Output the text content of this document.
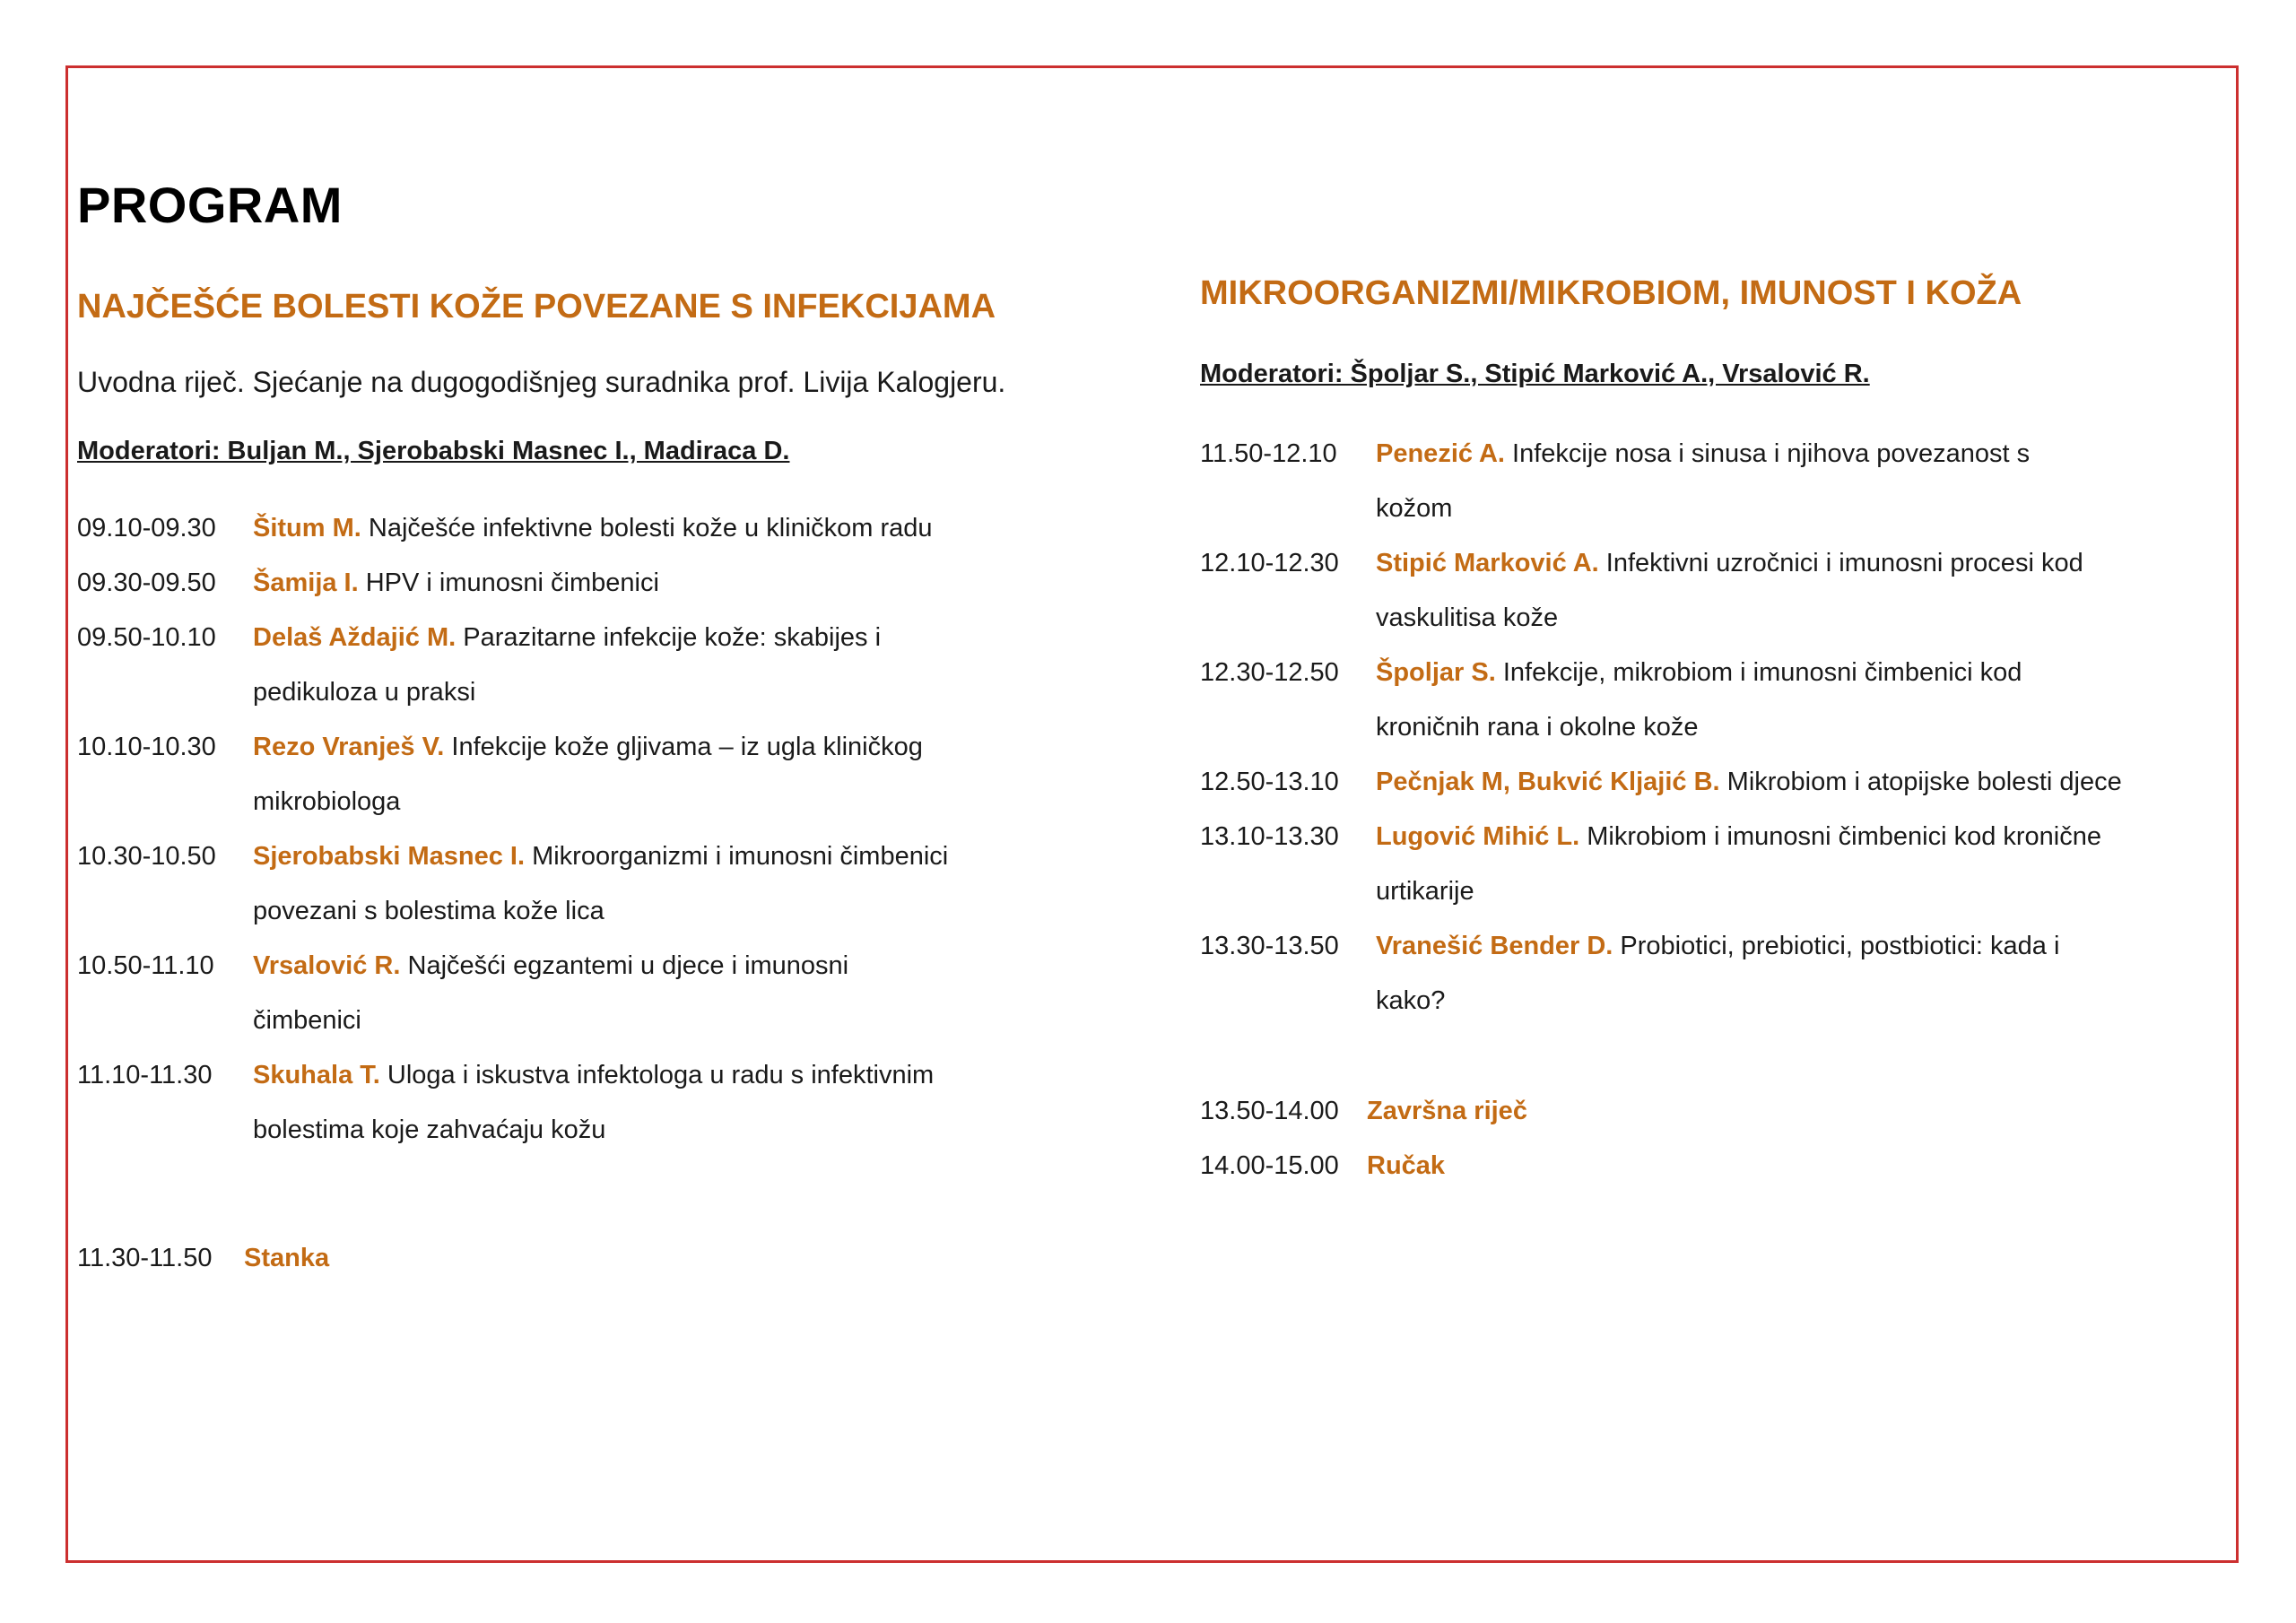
PROGRAM
NAJČEŠĆE BOLESTI KOŽE POVEZANE S INFEKCIJAMA

Uvodna riječ. Sjećanje na dugogodišnjeg suradnika prof. Livija Kalogjeru.

Moderatori: Buljan M., Sjerobabski Masnec I., Madiraca D.

09.10-09.30	Šitum M. Najčešće infektivne bolesti kože u kliničkom radu
09.30-09.50	Šamija I. HPV i imunosni čimbenici
09.50-10.10	Delaš Aždajić M. Parazitarne infekcije kože: skabijes i pedikuloza u praksi
10.10-10.30	Rezo Vranješ V. Infekcije kože gljivama – iz ugla kliničkog mikrobiologa
10.30-10.50	Sjerobabski Masnec I. Mikroorganizmi i imunosni čimbenici povezani s bolestima kože lica
10.50-11.10	Vrsalović R. Najčešći egzantemi u djece i imunosni čimbenici
11.10-11.30	Skuhala T. Uloga i iskustva infektologa u radu s infektivnim bolestima koje zahvaćaju kožu
11.30-11.50	Stanka
MIKROORGANIZMI/MIKROBIOM, IMUNOST I KOŽA

Moderatori: Špoljar S., Stipić Marković A., Vrsalović R.

11.50-12.10	Penezić A. Infekcije nosa i sinusa i njihova povezanost s kožom
12.10-12.30	Stipić Marković A. Infektivni uzročnici i imunosni procesi kod vaskulitisa kože
12.30-12.50	Špoljar S. Infekcije, mikrobiom i imunosni čimbenici kod kroničnih rana i okolne kože
12.50-13.10	Pečnjak M, Bukvić Kljajić B. Mikrobiom i atopijske bolesti djece
13.10-13.30	Lugović Mihić L. Mikrobiom i imunosni čimbenici kod kronične urtikarije
13.30-13.50	Vranešić Bender D. Probiotici, prebiotici, postbiotici: kada i kako?
13.50-14.00	Završna riječ
14.00-15.00	Ručak
